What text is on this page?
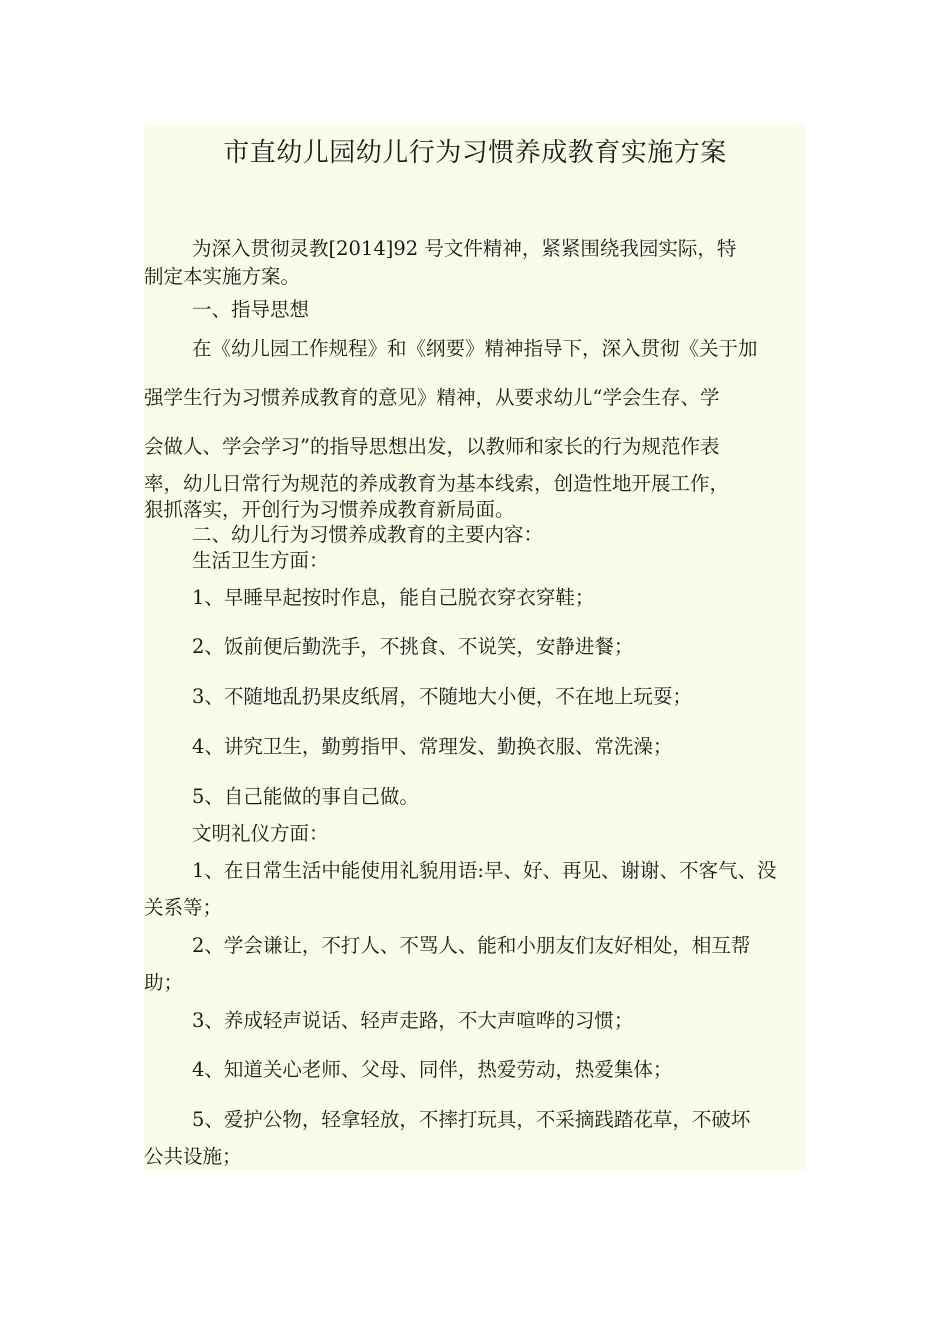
市直幼儿园幼儿行为习惯养成教育实施方案
为深入贯彻灵教[2014]92 号文件精神，紧紧围绕我园实际，特
制定本实施方案。
一、指导思想
在《幼儿园工作规程》和《纲要》精神指导下，深入贯彻《关于加
强学生行为习惯养成教育的意见》精神，从要求幼儿“学会生存、学
会做人、学会学习”的指导思想出发，以教师和家长的行为规范作表
率，幼儿日常行为规范的养成教育为基本线索，创造性地开展工作，
狠抓落实，开创行为习惯养成教育新局面。
二、幼儿行为习惯养成教育的主要内容：
生活卫生方面：
1、早睡早起按时作息，能自己脱衣穿衣穿鞋；
2、饭前便后勤洗手，不挑食、不说笑，安静进餐；
3、不随地乱扔果皮纸屑，不随地大小便，不在地上玩耍；
4、讲究卫生，勤剪指甲、常理发、勤换衣服、常洗澡；
5、自己能做的事自己做。
文明礼仪方面：
1、在日常生活中能使用礼貌用语:早、好、再见、谢谢、不客气、没
关系等；
2、学会谦让，不打人、不骂人、能和小朋友们友好相处，相互帮
助；
3、养成轻声说话、轻声走路，不大声喧哗的习惯；
4、知道关心老师、父母、同伴，热爱劳动，热爱集体；
5、爱护公物，轻拿轻放，不摔打玩具，不采摘践踏花草，不破坏
公共设施；
